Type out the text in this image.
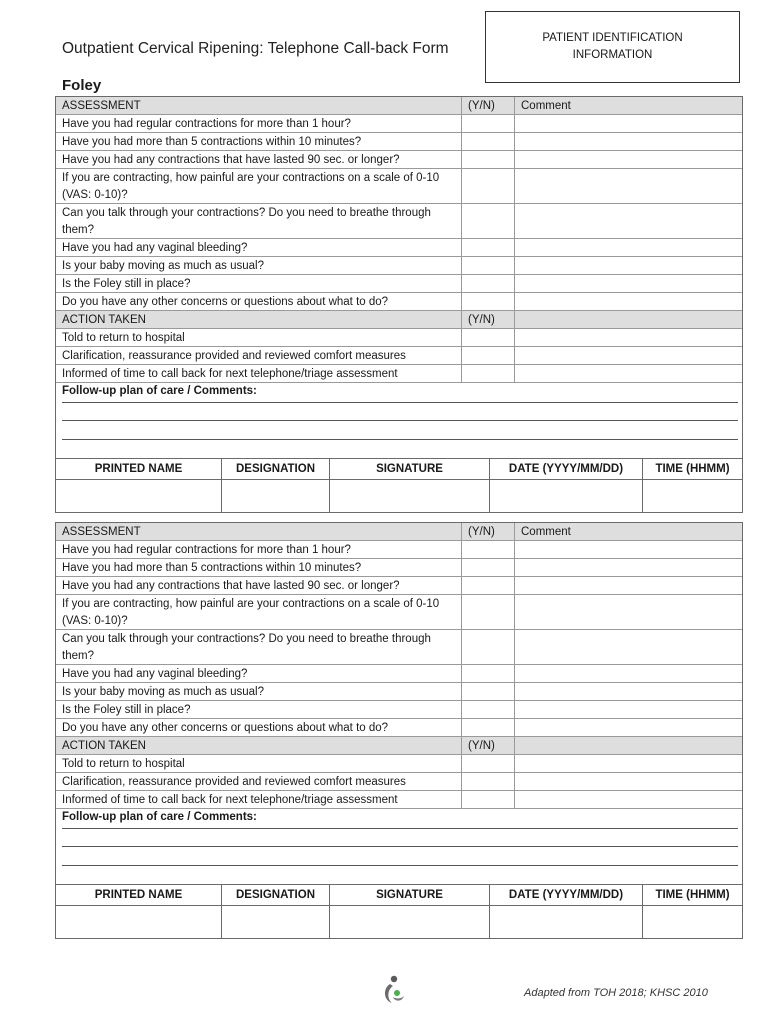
Outpatient Cervical Ripening: Telephone Call-back Form
PATIENT IDENTIFICATION
INFORMATION
Foley
ASSESSMENT	(Y/N)	Comment
Have you had regular contractions for more than 1 hour?
Have you had more than 5 contractions within 10 minutes?
Have you had any contractions that have lasted 90 sec. or longer?
If you are contracting, how painful are your contractions on a scale of 0-10 (VAS: 0-10)?
Can you talk through your contractions? Do you need to breathe through them?
Have you had any vaginal bleeding?
Is your baby moving as much as usual?
Is the Foley still in place?
Do you have any other concerns or questions about what to do?
ACTION TAKEN	(Y/N)
Told to return to hospital
Clarification, reassurance provided and reviewed comfort measures
Informed of time to call back for next telephone/triage assessment
Follow-up plan of care / Comments:
PRINTED NAME	DESIGNATION	SIGNATURE	DATE (YYYY/MM/DD)	TIME (HHMM)
ASSESSMENT	(Y/N)	Comment
Have you had regular contractions for more than 1 hour?
Have you had more than 5 contractions within 10 minutes?
Have you had any contractions that have lasted 90 sec. or longer?
If you are contracting, how painful are your contractions on a scale of 0-10 (VAS: 0-10)?
Can you talk through your contractions? Do you need to breathe through them?
Have you had any vaginal bleeding?
Is your baby moving as much as usual?
Is the Foley still in place?
Do you have any other concerns or questions about what to do?
ACTION TAKEN	(Y/N)
Told to return to hospital
Clarification, reassurance provided and reviewed comfort measures
Informed of time to call back for next telephone/triage assessment
Follow-up plan of care / Comments:
PRINTED NAME	DESIGNATION	SIGNATURE	DATE (YYYY/MM/DD)	TIME (HHMM)
Adapted from TOH 2018; KHSC 2010
